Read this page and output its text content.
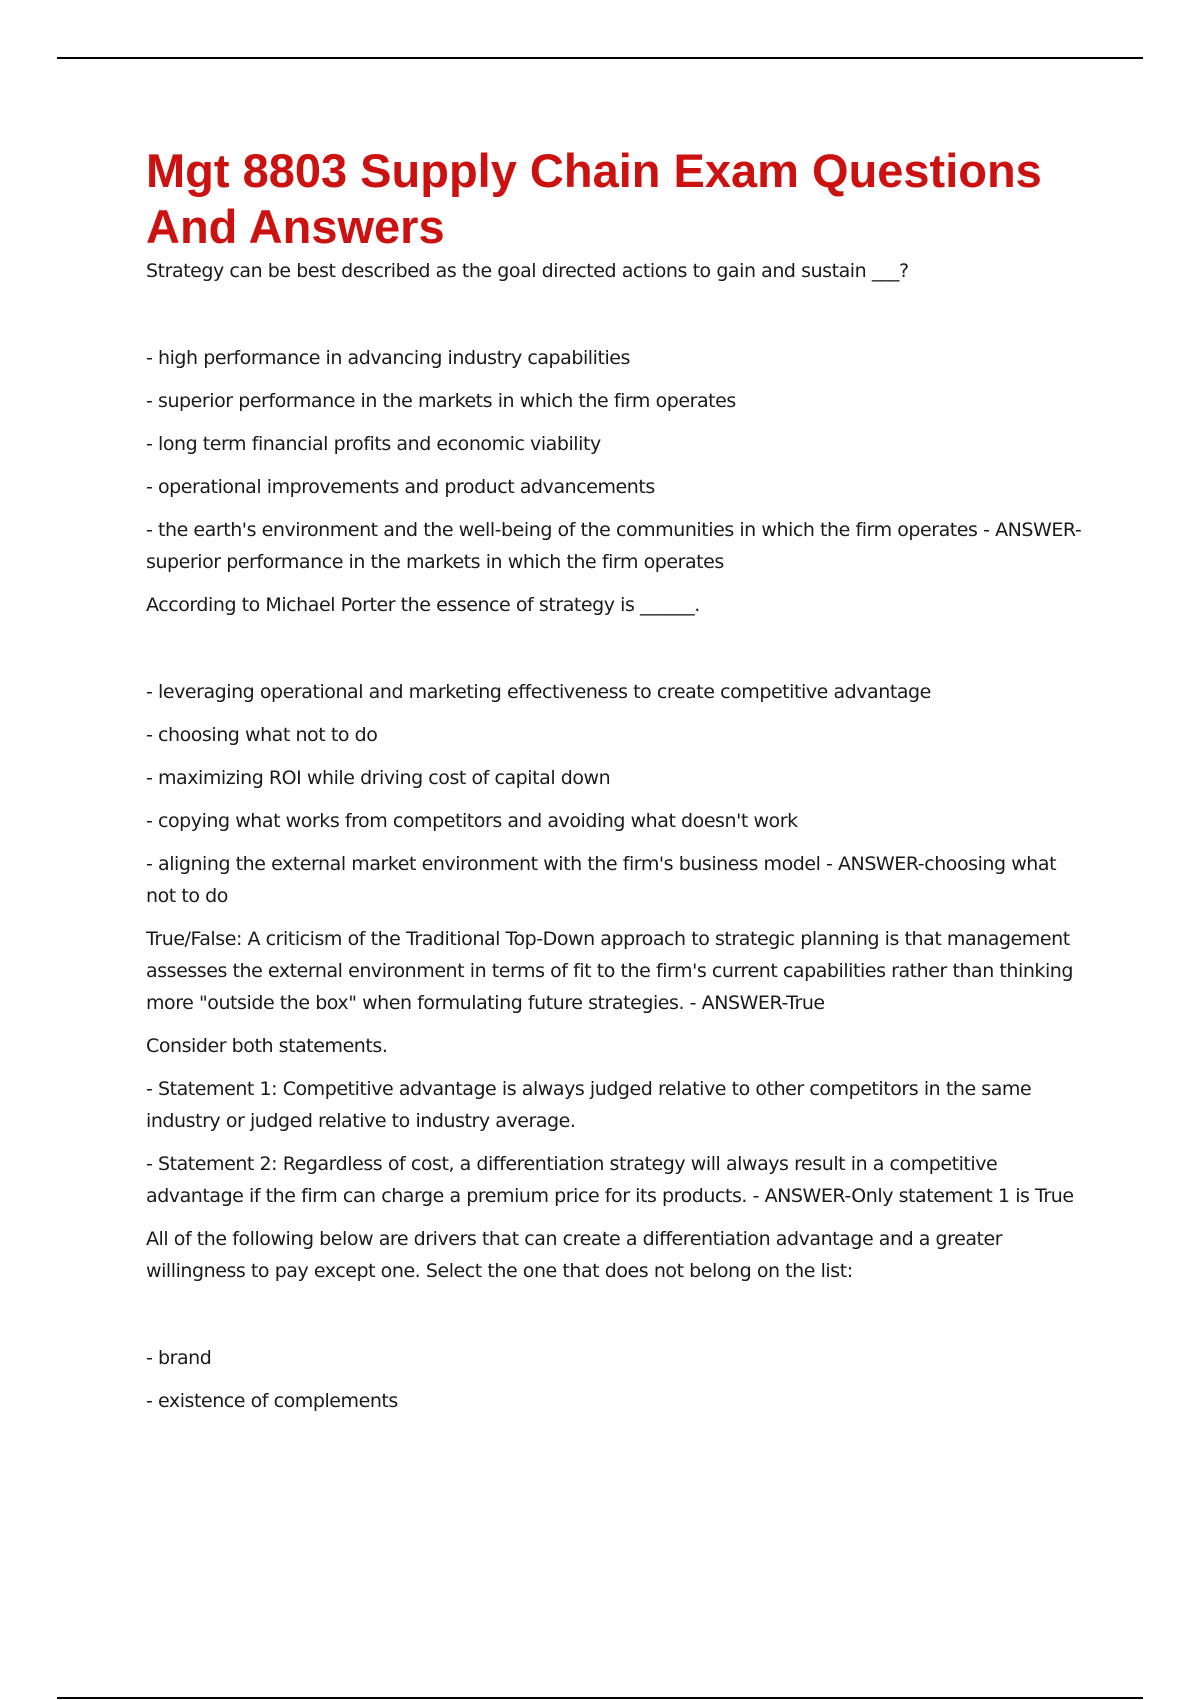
Mgt 8803 Supply Chain Exam Questions And Answers

Strategy can be best described as the goal directed actions to gain and sustain ___?

- high performance in advancing industry capabilities

- superior performance in the markets in which the firm operates

- long term financial profits and economic viability

- operational improvements and product advancements

- the earth's environment and the well-being of the communities in which the firm operates - ANSWER-superior performance in the markets in which the firm operates

According to Michael Porter the essence of strategy is ______.

- leveraging operational and marketing effectiveness to create competitive advantage

- choosing what not to do

- maximizing ROI while driving cost of capital down

- copying what works from competitors and avoiding what doesn't work

- aligning the external market environment with the firm's business model - ANSWER-choosing what not to do

True/False: A criticism of the Traditional Top-Down approach to strategic planning is that management assesses the external environment in terms of fit to the firm's current capabilities rather than thinking more "outside the box" when formulating future strategies. - ANSWER-True

Consider both statements.

- Statement 1: Competitive advantage is always judged relative to other competitors in the same industry or judged relative to industry average.

- Statement 2: Regardless of cost, a differentiation strategy will always result in a competitive advantage if the firm can charge a premium price for its products. - ANSWER-Only statement 1 is True

All of the following below are drivers that can create a differentiation advantage and a greater willingness to pay except one. Select the one that does not belong on the list:

- brand

- existence of complements
